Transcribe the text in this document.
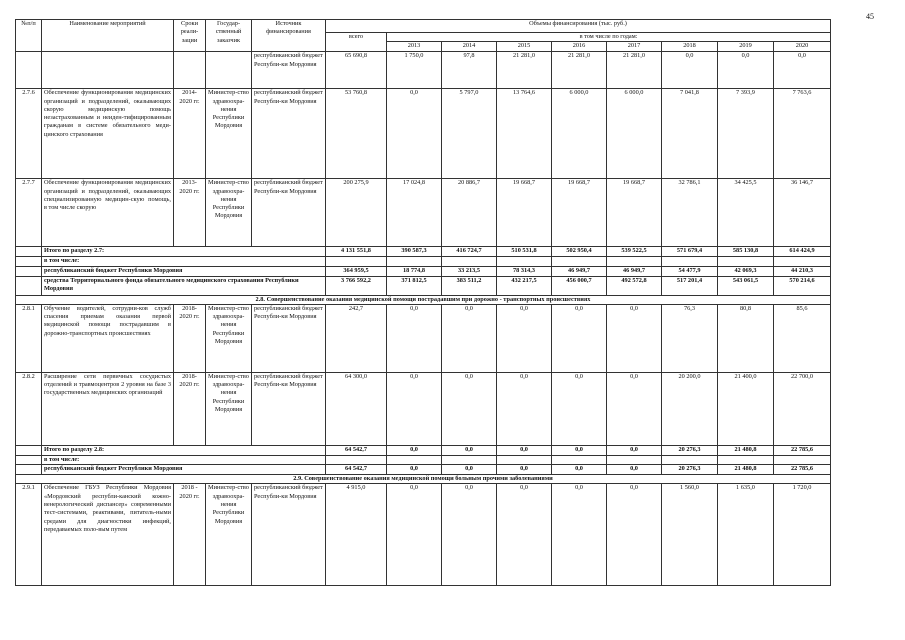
45
№п/п	Наименование мероприятий	Сроки реали-зации	Государ-ственный заказчик	Источник финансирования	Объемы финансирования (тыс. руб.)								
					всего	в том числе по годам:							
						2013	2014	2015	2016	2017	2018	2019	2020
				республиканский бюджет Республи-ки Мордовия	65 690,8	1 750,0	97,8	21 281,0	21 281,0	21 281,0	0,0	0,0	0,0
2.7.6	Обеспечение функционирования медицинских организаций и подразделений, оказывающих скорую медицинскую помощь незастрахованным и неиден-тифицированным гражданам в системе обязательного меди-цинского страхования	2014-2020 гг.	Министер-ство здравоохра-нения Республики Мордовия	республиканский бюджет Республи-ки Мордовия	53 760,8	0,0	5 797,0	13 764,6	6 000,0	6 000,0	7 041,8	7 393,9	7 763,6
2.7.7	Обеспечение функционирования медицинских организаций и подразделений, оказывающих специализированную медицин-скую помощь, в том числе скорую	2013-2020 гг.	Министер-ство здравоохра-нения Республики Мордовия	республиканский бюджет Республи-ки Мордовия	200 275,9	17 024,8	20 886,7	19 668,7	19 668,7	19 668,7	32 786,1	34 425,5	36 146,7
	Итого по разделу 2.7:				4 131 551,8	390 587,3	416 724,7	510 531,8	502 950,4	539 522,5	571 679,4	585 130,8	614 424,9
	в том числе:												
	республиканский бюджет Республики Мордовия				364 959,5	18 774,8	33 213,5	78 314,3	46 949,7	46 949,7	54 477,9	42 069,3	44 210,3
	средства Территориального фонда обязательного медицинского страхования Республики Мордовия				3 766 592,2	371 812,5	383 511,2	432 217,5	456 000,7	492 572,8	517 201,4	543 061,5	570 214,6
2.8. Совершенствование оказания медицинской помощи пострадавшим при дорожно - транспортных происшествиях													
2.8.1	Обучение водителей, сотрудни-ков служб спасения приемам оказания первой медицинской помощи пострадавшим в дорожно-транспортных происшествиях	2018-2020 гг.	Министер-ство здравоохра-нения Республики Мордовия	республиканский бюджет Республи-ки Мордовия	242,7	0,0	0,0	0,0	0,0	0,0	76,3	80,8	85,6
2.8.2	Расширение сети первичных сосудистых отделений и травмоцентров 2 уровня на базе 3 государственных медицинских организаций	2018-2020 гг.	Министер-ство здравоохра-нения Республики Мордовия	республиканский бюджет Республи-ки Мордовия	64 300,0	0,0	0,0	0,0	0,0	0,0	20 200,0	21 400,0	22 700,0
	Итого по разделу 2.8:				64 542,7	0,0	0,0	0,0	0,0	0,0	20 276,3	21 480,8	22 785,6
	в том числе:												
	республиканский бюджет Республики Мордовия				64 542,7	0,0	0,0	0,0	0,0	0,0	20 276,3	21 480,8	22 785,6
2.9. Совершенствование оказания медицинской помощи больным прочими заболеваниями													
2.9.1	Обеспечение ГБУЗ Республики Мордовия «Мордовский республи-канский кожно-венерологический диспансер» современными тест-системами, реактивами, питатель-ными средами для диагностики инфекций, передаваемых поло-вым путем	2018 - 2020 гг.	Министер-ство здравоохра-нения Республики Мордовия	республиканский бюджет Республи-ки Мордовия	4 915,0	0,0	0,0	0,0	0,0	0,0	1 560,0	1 635,0	1 720,0
